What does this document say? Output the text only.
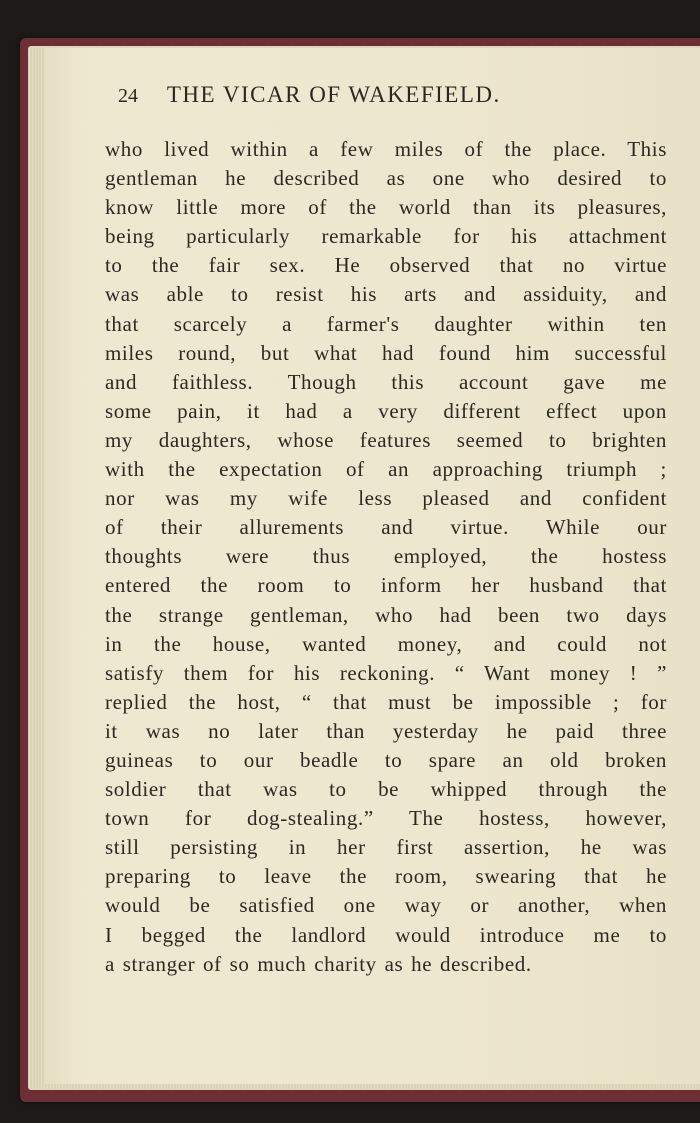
24 THE VICAR OF WAKEFIELD.
who lived within a few miles of the place. This
gentleman he described as one who desired to
know little more of the world than its pleasures,
being particularly remarkable for his attachment
to the fair sex. He observed that no virtue
was able to resist his arts and assiduity, and
that scarcely a farmer's daughter within ten
miles round, but what had found him successful
and faithless. Though this account gave me
some pain, it had a very different effect upon
my daughters, whose features seemed to brighten
with the expectation of an approaching triumph ;
nor was my wife less pleased and confident
of their allurements and virtue. While our
thoughts were thus employed, the hostess
entered the room to inform her husband that
the strange gentleman, who had been two days
in the house, wanted money, and could not
satisfy them for his reckoning. “ Want money ! ”
replied the host, “ that must be impossible ; for
it was no later than yesterday he paid three
guineas to our beadle to spare an old broken
soldier that was to be whipped through the
town for dog-stealing.” The hostess, however,
still persisting in her first assertion, he was
preparing to leave the room, swearing that he
would be satisfied one way or another, when
I begged the landlord would introduce me to
a stranger of so much charity as he described.
